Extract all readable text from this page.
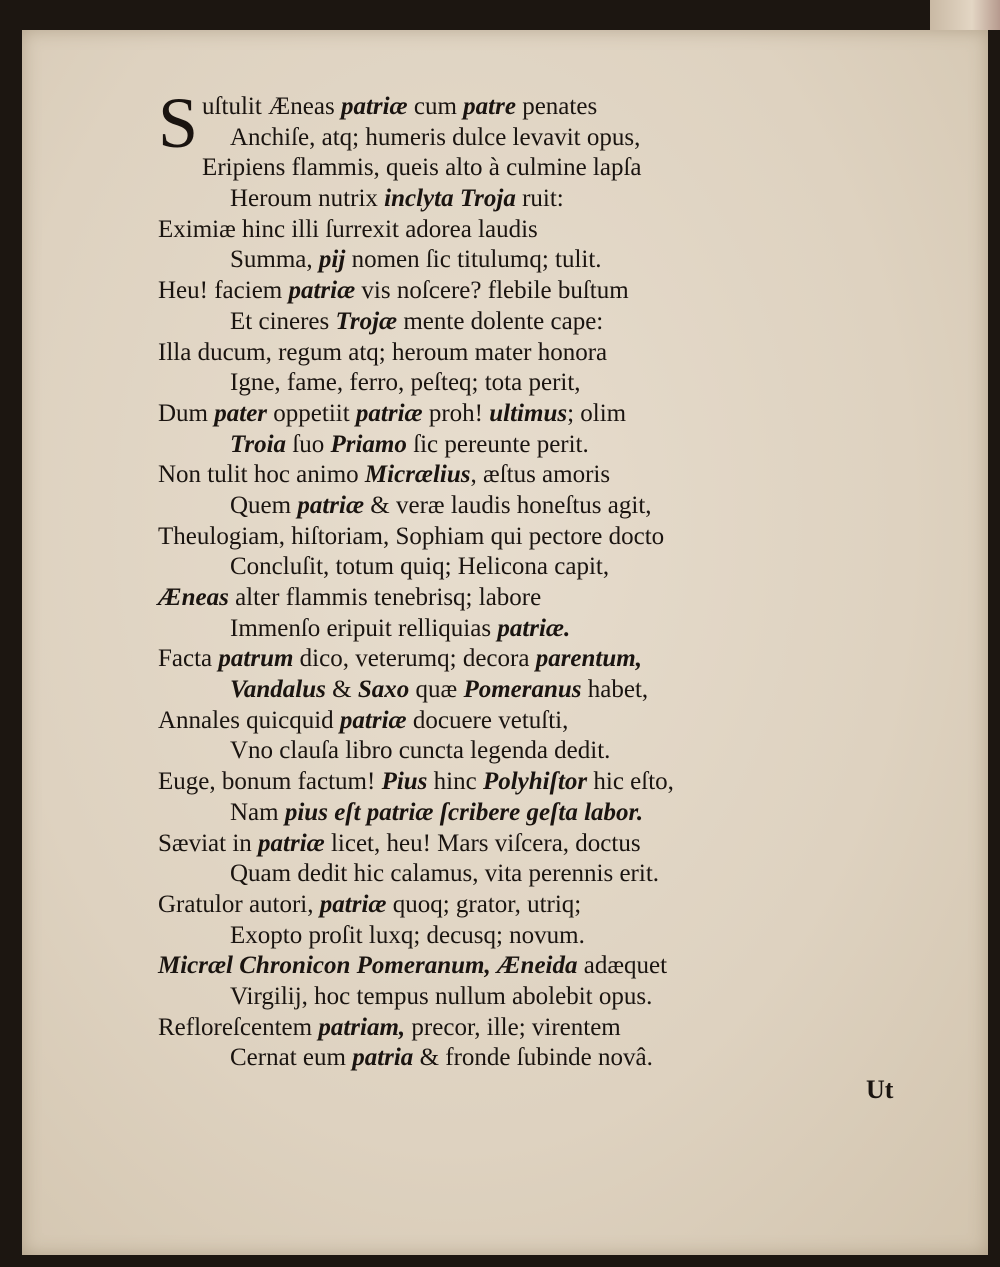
S uſtulit Æneas patriæ cum patre penates
Anchiſe, atq; humeris dulce levavit opus,
Eripiens flammis, queis alto à culmine lapſa
Heroum nutrix inclyta Troja ruit:
Eximiæ hinc illi ſurrexit adorea laudis
Summa, pij nomen ſic titulumq; tulit.
Heu! faciem patriæ vis noſcere? flebile buſtum
Et cineres Trojæ mente dolente cape:
Illa ducum, regum atq; heroum mater honora
Igne, fame, ferro, peſteq; tota perit,
Dum pater oppetiit patriæ proh! ultimus; olim
Troia ſuo Priamo ſic pereunte perit.
Non tulit hoc animo Micrælius, æſtus amoris
Quem patriæ & veræ laudis honeſtus agit,
Theulogiam, hiſtoriam, Sophiam qui pectore docto
Concluſit, totum quiq; Helicona capit,
Æneas alter flammis tenebrisq; labore
Immenſo eripuit relliquias patriæ.
Facta patrum dico, veterumq; decora parentum,
Vandalus & Saxo quæ Pomeranus habet,
Annales quicquid patriæ docuere vetuſti,
Vno clauſa libro cuncta legenda dedit.
Euge, bonum factum! Pius hinc Polyhiſtor hic eſto,
Nam pius eſt patriæ ſcribere geſta labor.
Sæviat in patriæ licet, heu! Mars viſcera, doctus
Quam dedit hic calamus, vita perennis erit.
Gratulor autori, patriæ quoq; grator, utriq;
Exopto proſit luxq; decusq; novum.
Micræl Chronicon Pomeranum, Æneida adæquet
Virgilij, hoc tempus nullum abolebit opus.
Refloreſcentem patriam, precor, ille; virentem
Cernat eum patria & fronde ſubinde novâ.
Ut
